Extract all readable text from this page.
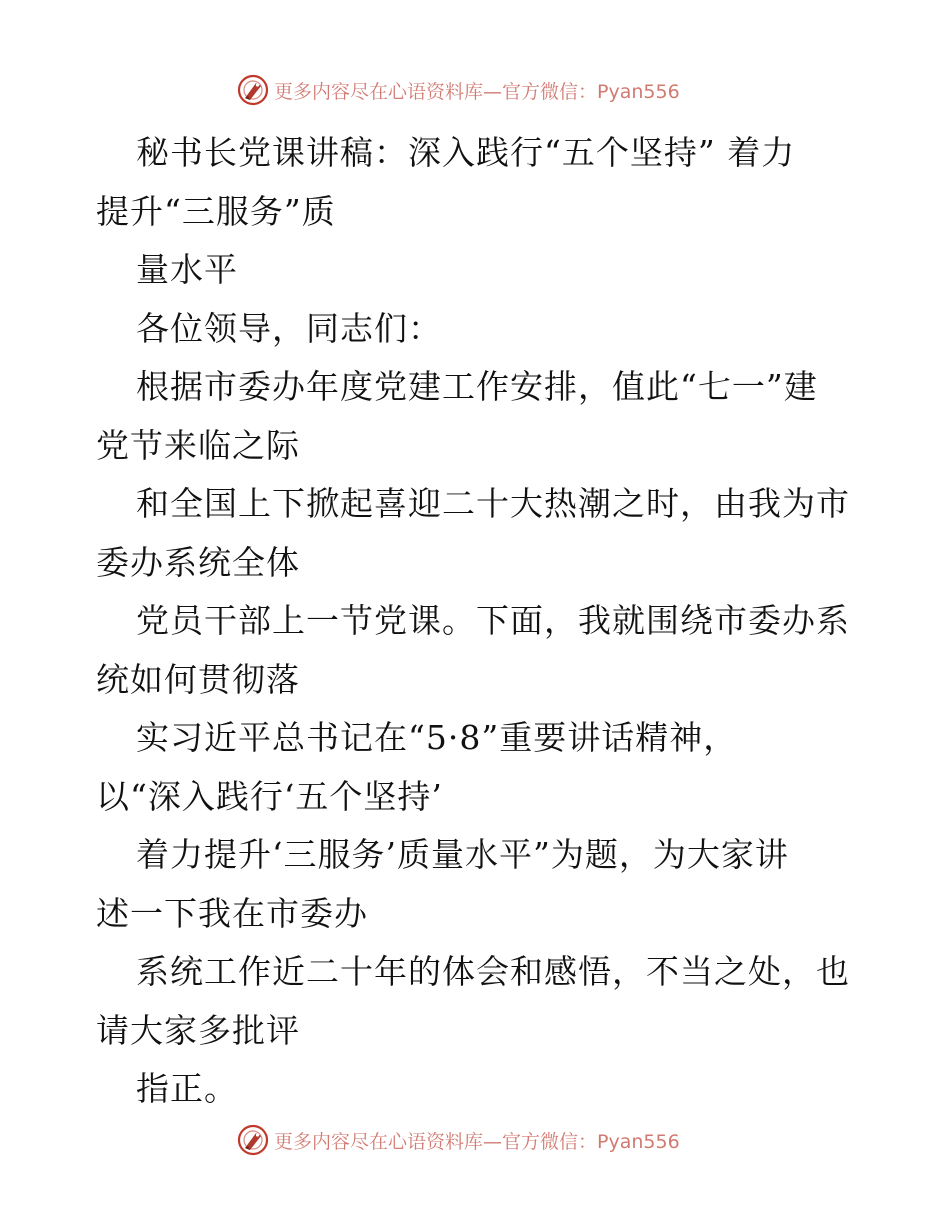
更多内容尽在心语资料库—官方微信：Pyan556
秘书长党课讲稿：深入践行“五个坚持” 着力
提升“三服务”质
量水平
各位领导，同志们：
根据市委办年度党建工作安排，值此“七一”建
党节来临之际
和全国上下掀起喜迎二十大热潮之时，由我为市
委办系统全体
党员干部上一节党课。下面，我就围绕市委办系
统如何贯彻落
实习近平总书记在“5·8”重要讲话精神，
以“深入践行‘五个坚持’
着力提升‘三服务’质量水平”为题，为大家讲
述一下我在市委办
系统工作近二十年的体会和感悟，不当之处，也
请大家多批评
指正。
更多内容尽在心语资料库—官方微信：Pyan556
